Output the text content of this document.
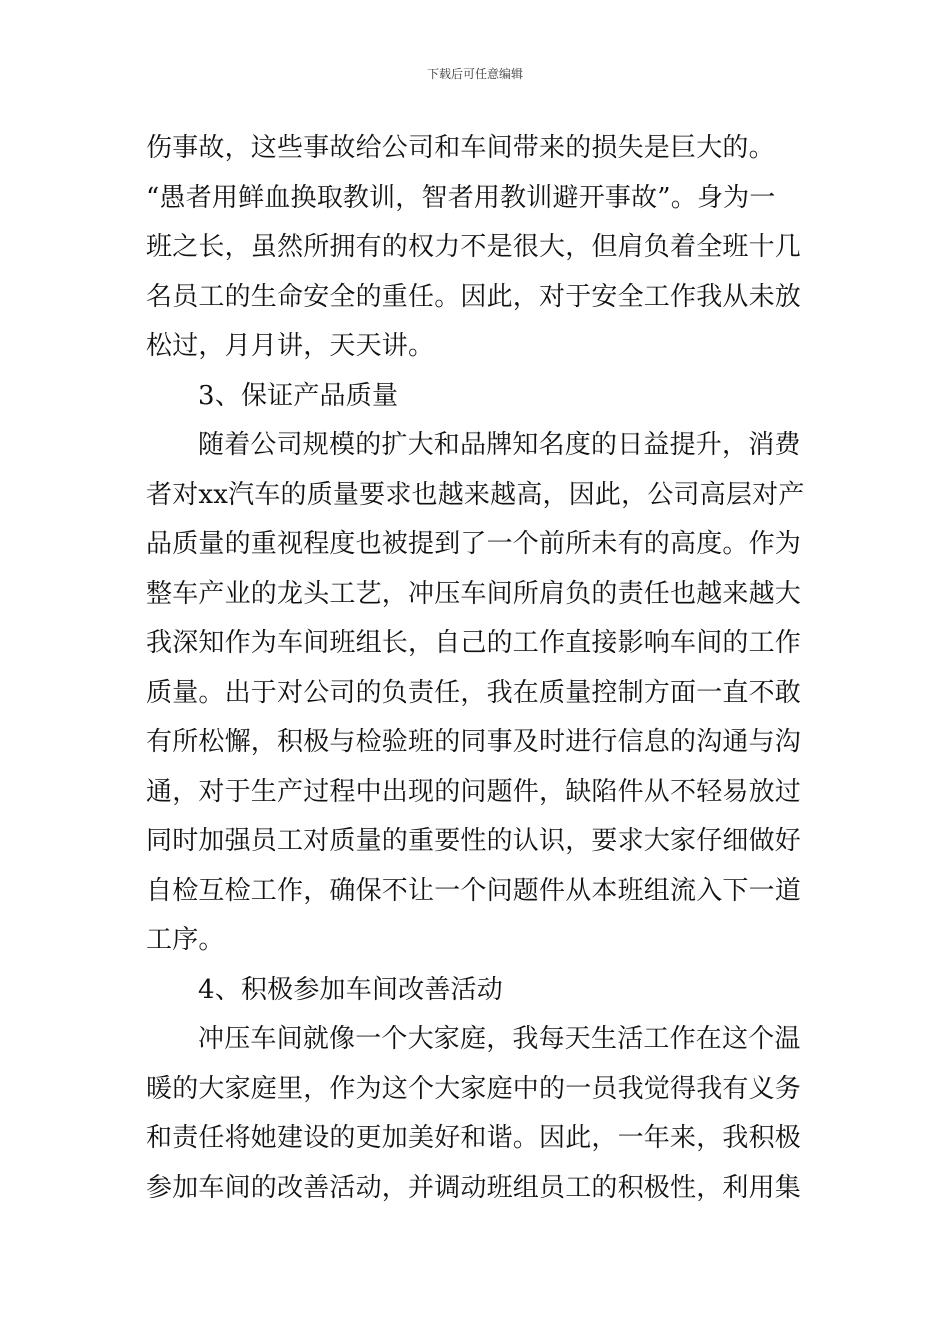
下载后可任意编辑
伤事故，这些事故给公司和车间带来的损失是巨大的。
“愚者用鲜血换取教训，智者用教训避开事故”。身为一
班之长，虽然所拥有的权力不是很大，但肩负着全班十几
名员工的生命安全的重任。因此，对于安全工作我从未放
松过，月月讲，天天讲。
3、保证产品质量
随着公司规模的扩大和品牌知名度的日益提升，消费
者对xx汽车的质量要求也越来越高，因此，公司高层对产
品质量的重视程度也被提到了一个前所未有的高度。作为
整车产业的龙头工艺，冲压车间所肩负的责任也越来越大
我深知作为车间班组长，自己的工作直接影响车间的工作
质量。出于对公司的负责任，我在质量控制方面一直不敢
有所松懈，积极与检验班的同事及时进行信息的沟通与沟
通，对于生产过程中出现的问题件，缺陷件从不轻易放过
同时加强员工对质量的重要性的认识，要求大家仔细做好
自检互检工作，确保不让一个问题件从本班组流入下一道
工序。
4、积极参加车间改善活动
冲压车间就像一个大家庭，我每天生活工作在这个温
暖的大家庭里，作为这个大家庭中的一员我觉得我有义务
和责任将她建设的更加美好和谐。因此，一年来，我积极
参加车间的改善活动，并调动班组员工的积极性，利用集
